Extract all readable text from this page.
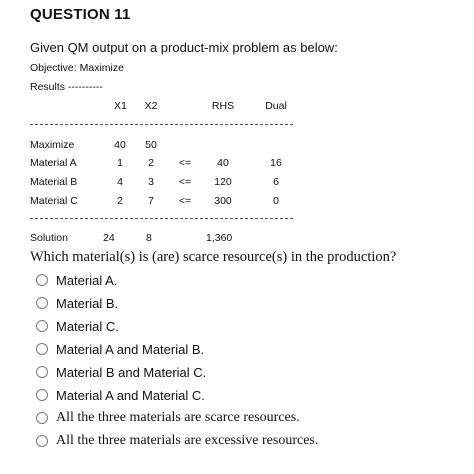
QUESTION 11
Given QM output on a product-mix problem as below:
Objective: Maximize
Results ----------
X1 X2	RHS	Dual
Maximize	40 50
Material A	1	2	<=	40	16
Material B	4	3	<=	120	6
Material C	2	7	<=	300	0
Solution	24	8	1,360
Which material(s) is (are) scarce resource(s) in the production?
Material A.
Material B.
Material C.
Material A and Material B.
Material B and Material C.
Material A and Material C.
All the three materials are scarce resources.
All the three materials are excessive resources.
